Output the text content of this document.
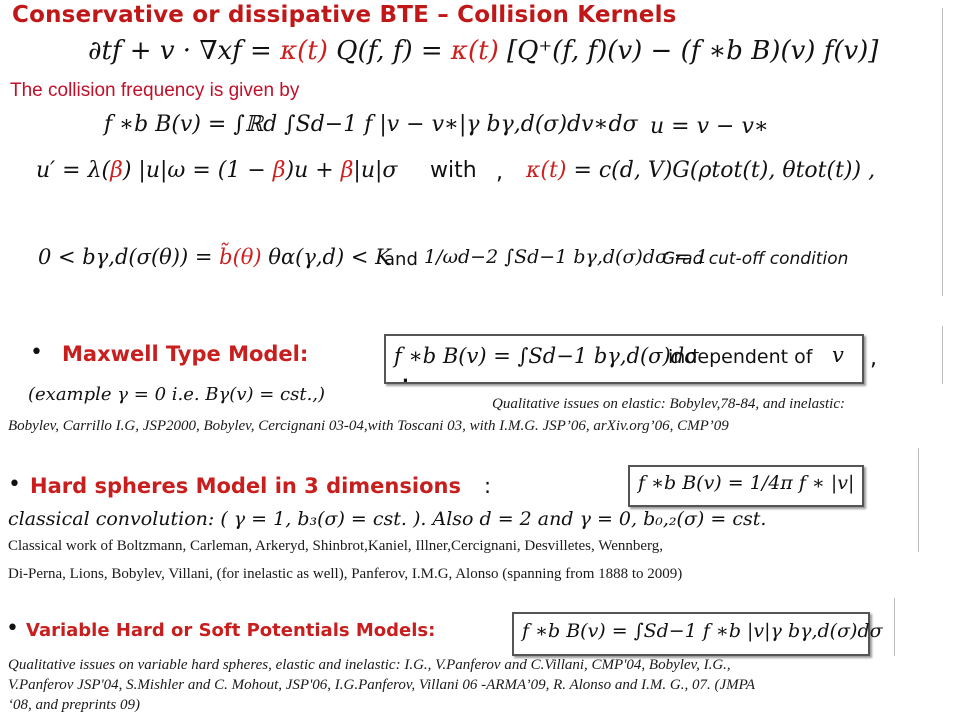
Conservative or dissipative BTE – Collision Kernels
∂tf + v · ∇xf = κ(t) Q(f, f) = κ(t) [Q⁺(f, f)(v) − (f ∗b B)(v) f(v)]
The collision frequency is given by
f ∗b B(v) = ∫ℝd ∫Sd−1 f |v − v∗|γ bγ,d(σ)dv∗dσ u = v − v∗
u′ = λ(β) |u|ω = (1 − β)u + β|u|σ with , κ(t) = c(d, V)G(ρtot(t), θtot(t)) ,
0 < bγ,d(σ(θ)) = b̃(θ) θα(γ,d) < K
and 1/ωd−2 ∫Sd−1 bγ,d(σ)dσ = 1
Grad cut-off condition
• Maxwell Type Model:	f ∗b B(v) = ∫Sd−1 bγ,d(σ)dσ
independent of v ,
(example γ = 0 i.e. Bγ(v) = cst.,)
.
Qualitative issues on elastic: Bobylev,78-84, and inelastic:
Bobylev, Carrillo I.G, JSP2000, Bobylev, Cercignani 03-04,with Toscani 03, with I.M.G. JSP’06, arXiv.org’06, CMP’09
• Hard spheres Model in 3 dimensions :	f ∗b B(v) = 1/4π f ∗ |v|
classical convolution: ( γ = 1, b₃(σ) = cst. ). Also d = 2 and γ = 0, b₀,₂(σ) = cst.
Classical work of Boltzmann, Carleman, Arkeryd, Shinbrot,Kaniel, Illner,Cercignani, Desvilletes, Wennberg,
Di-Perna, Lions, Bobylev, Villani, (for inelastic as well), Panferov, I.M.G, Alonso (spanning from 1888 to 2009)
• Variable Hard or Soft Potentials Models:	f ∗b B(v) = ∫Sd−1 f ∗b |v|γ bγ,d(σ)dσ
Qualitative issues on variable hard spheres, elastic and inelastic: I.G., V.Panferov and C.Villani, CMP'04, Bobylev, I.G.,
V.Panferov JSP'04, S.Mishler and C. Mohout, JSP'06, I.G.Panferov, Villani 06 -ARMA’09, R. Alonso and I.M. G., 07. (JMPA
‘08, and preprints 09)
